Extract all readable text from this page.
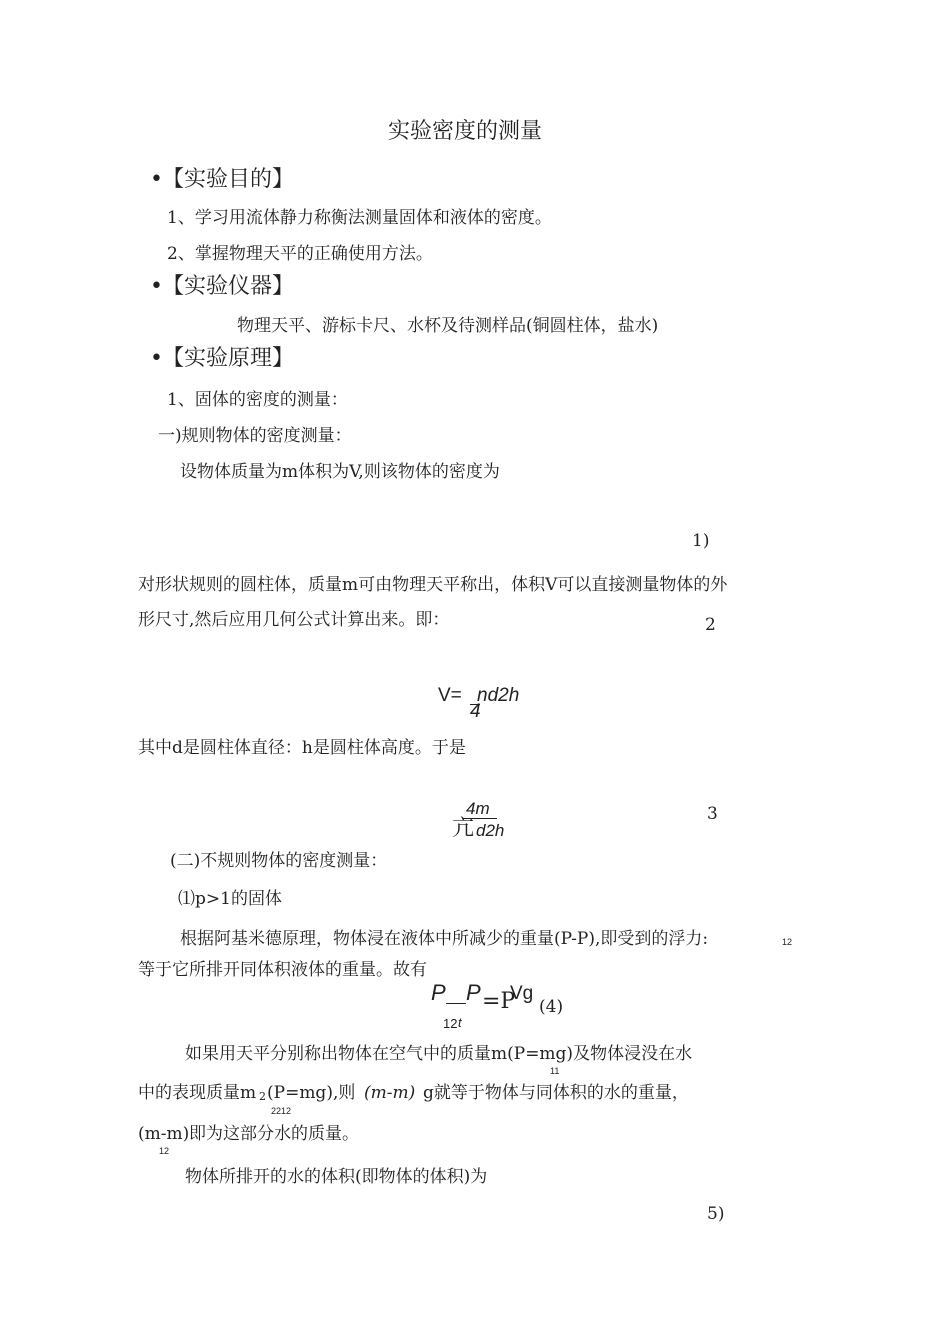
实验密度的测量
• 【实验目的】
1、学习用流体静力称衡法测量固体和液体的密度。
2、掌握物理天平的正确使用方法。
• 【实验仪器】
物理天平、游标卡尺、水杯及待测样品(铜圆柱体，盐水)
• 【实验原理】
1、固体的密度的测量：
一)规则物体的密度测量：
设物体质量为m体积为V,则该物体的密度为
1)
对形状规则的圆柱体，质量m可由物理天平称出，体积V可以直接测量物体的外
形尺寸,然后应用几何公式计算出来。即：	2
V= nd2h
4
其中d是圆柱体直径：h是圆柱体高度。于是
4m
亢 d2h
3
(二)不规则物体的密度测量：
⑴p>1的固体
根据阿基米德原理，物体浸在液体中所减少的重量(P-P),即受到的浮力:	12
等于它所排开同体积液体的重量。故有
P P =P
Vg
(4)
12 t
如果用天平分别称出物体在空气中的质量m(P=mg)及物体浸没在水
11
中的表现质量m 2 (P=mg),则 (m-m) g就等于物体与同体积的水的重量，
2212
(m-m) 即为这部分水的质量。
12
物体所排开的水的体积(即物体的体积)为
5)
